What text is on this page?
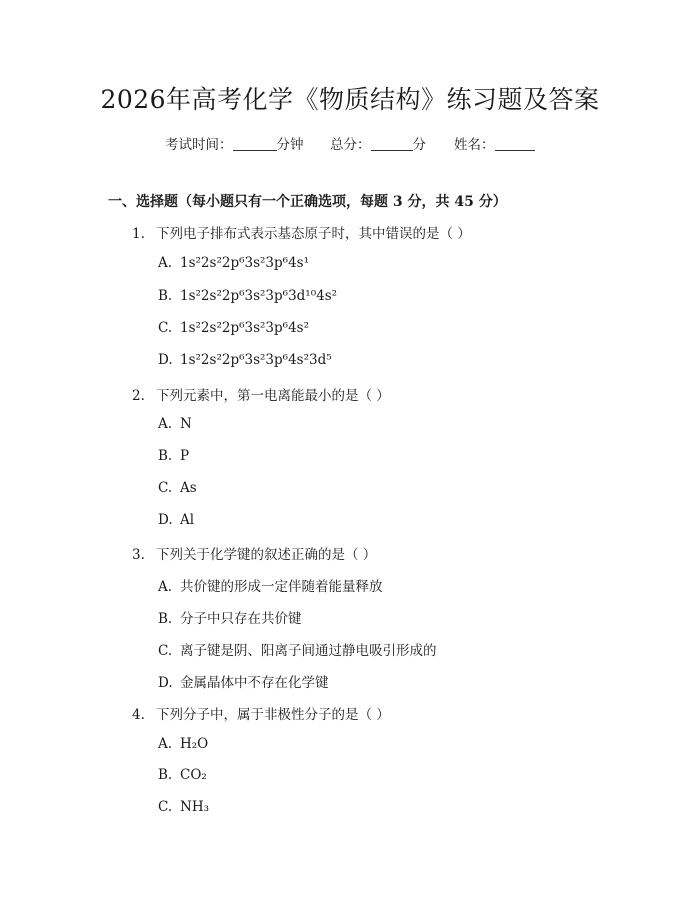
2026年高考化学《物质结构》练习题及答案
考试时间：	分钟 总分：	分 姓名：
一、选择题（每小题只有一个正确选项，每题 3 分，共 45 分）
1. 下列电子排布式表示基态原子时，其中错误的是（ ）
A. 1s²2s²2p⁶3s²3p⁶4s¹
B. 1s²2s²2p⁶3s²3p⁶3d¹⁰4s²
C. 1s²2s²2p⁶3s²3p⁶4s²
D. 1s²2s²2p⁶3s²3p⁶4s²3d⁵
2. 下列元素中，第一电离能最小的是（ ）
A. N
B. P
C. As
D. Al
3. 下列关于化学键的叙述正确的是（ ）
A. 共价键的形成一定伴随着能量释放
B. 分子中只存在共价键
C. 离子键是阴、阳离子间通过静电吸引形成的
D. 金属晶体中不存在化学键
4. 下列分子中，属于非极性分子的是（ ）
A. H₂O
B. CO₂
C. NH₃
